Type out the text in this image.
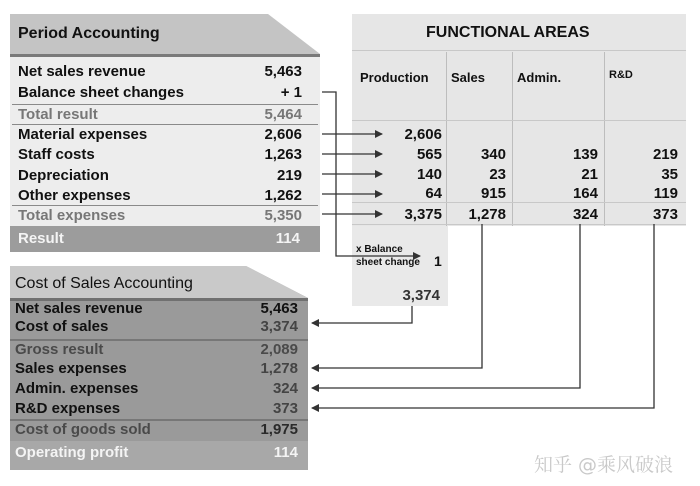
Period Accounting
Net sales revenue	5,463
Balance sheet changes	+ 1
Total result	5,464
Material expenses	2,606
Staff costs	1,263
Depreciation	219
Other expenses	1,262
Total expenses	5,350
Result	114
FUNCTIONAL AREAS
Production Sales Admin.	R&D
2,606
565	340	139	219
140	23	21	35
64	915	164	119
3,375	1,278	324	373
x Balance
sheet change 1
3,374
Cost of Sales Accounting
Net sales revenue	5,463
Cost of sales	3,374
Gross result	2,089
Sales expenses	1,278
Admin. expenses	324
R&D expenses	373
Cost of goods sold	1,975
Operating profit	114
知乎 @乘风破浪
